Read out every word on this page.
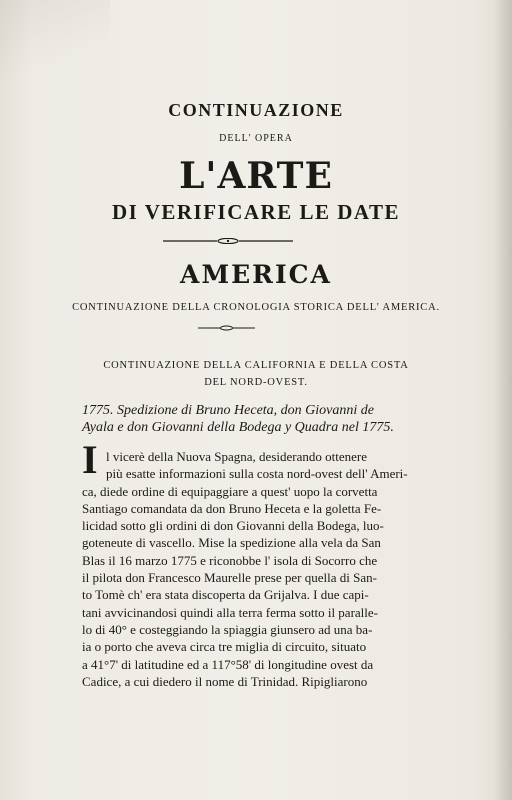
CONTINUAZIONE
DELL' OPERA
L'ARTE
DI VERIFICARE LE DATE
AMERICA
CONTINUAZIONE DELLA CRONOLOGIA STORICA DELL' AMERICA.
CONTINUAZIONE DELLA CALIFORNIA E DELLA COSTA
DEL NORD-OVEST.
1775. Spedizione di Bruno Heceta, don Giovanni de
Ayala e don Giovanni della Bodega y Quadra nel 1775.
I l vicerè della Nuova Spagna, desiderando ottenere
più esatte informazioni sulla costa nord-ovest dell' Ameri-
ca, diede ordine di equipaggiare a quest' uopo la corvetta
Santiago comandata da don Bruno Heceta e la goletta Fe-
licidad sotto gli ordini di don Giovanni della Bodega, luo-
goteneute di vascello. Mise la spedizione alla vela da San
Blas il 16 marzo 1775 e riconobbe l' isola di Socorro che
il pilota don Francesco Maurelle prese per quella di San-
to Tomè ch' era stata discoperta da Grijalva. I due capi-
tani avvicinandosi quindi alla terra ferma sotto il paralle-
lo di 40° e costeggiando la spiaggia giunsero ad una ba-
ia o porto che aveva circa tre miglia di circuito, situato
a 41°7' di latitudine ed a 117°58' di longitudine ovest da
Cadice, a cui diedero il nome di Trinidad. Ripigliarono
